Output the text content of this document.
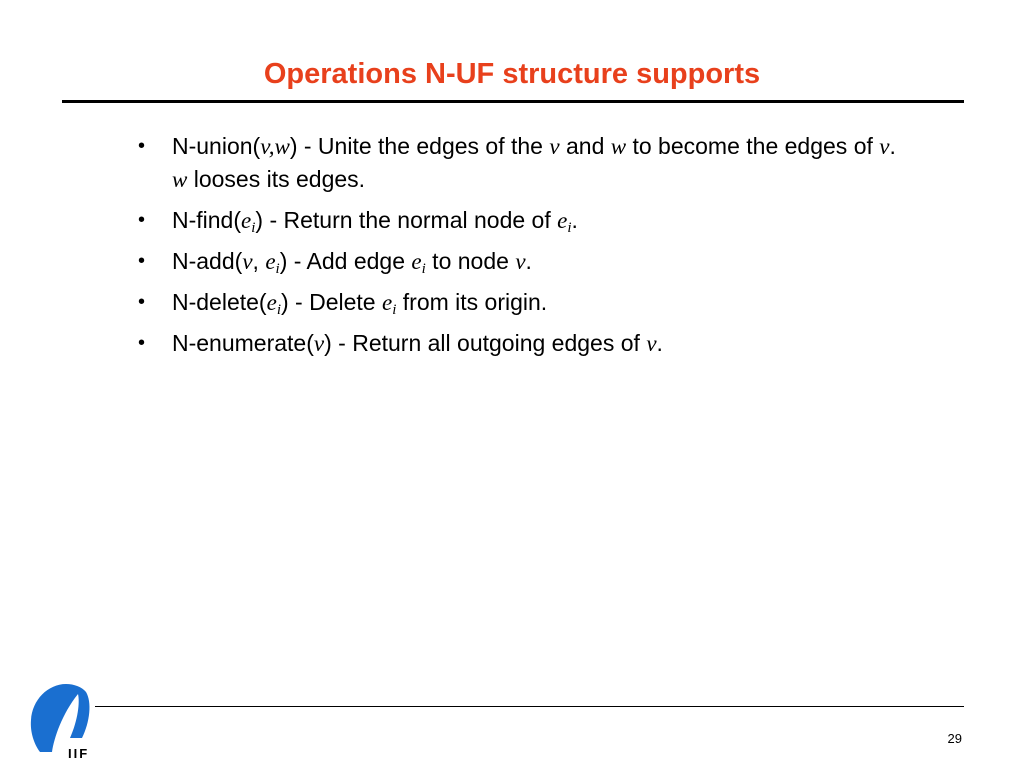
Operations N-UF structure supports
• N-union(v,w) - Unite the edges of the v and w to become the edges of v. w looses its edges.
• $N-find(e_i)$ - Return the normal node of $e_i$.
• N-add(v, $e_i$) - Add edge $e_i$ to node v.
• $N-delete(e_i)$ - Delete $e_i$ from its origin.
• N-enumerate(v) - Return all outgoing edges of v.
IIF
29
